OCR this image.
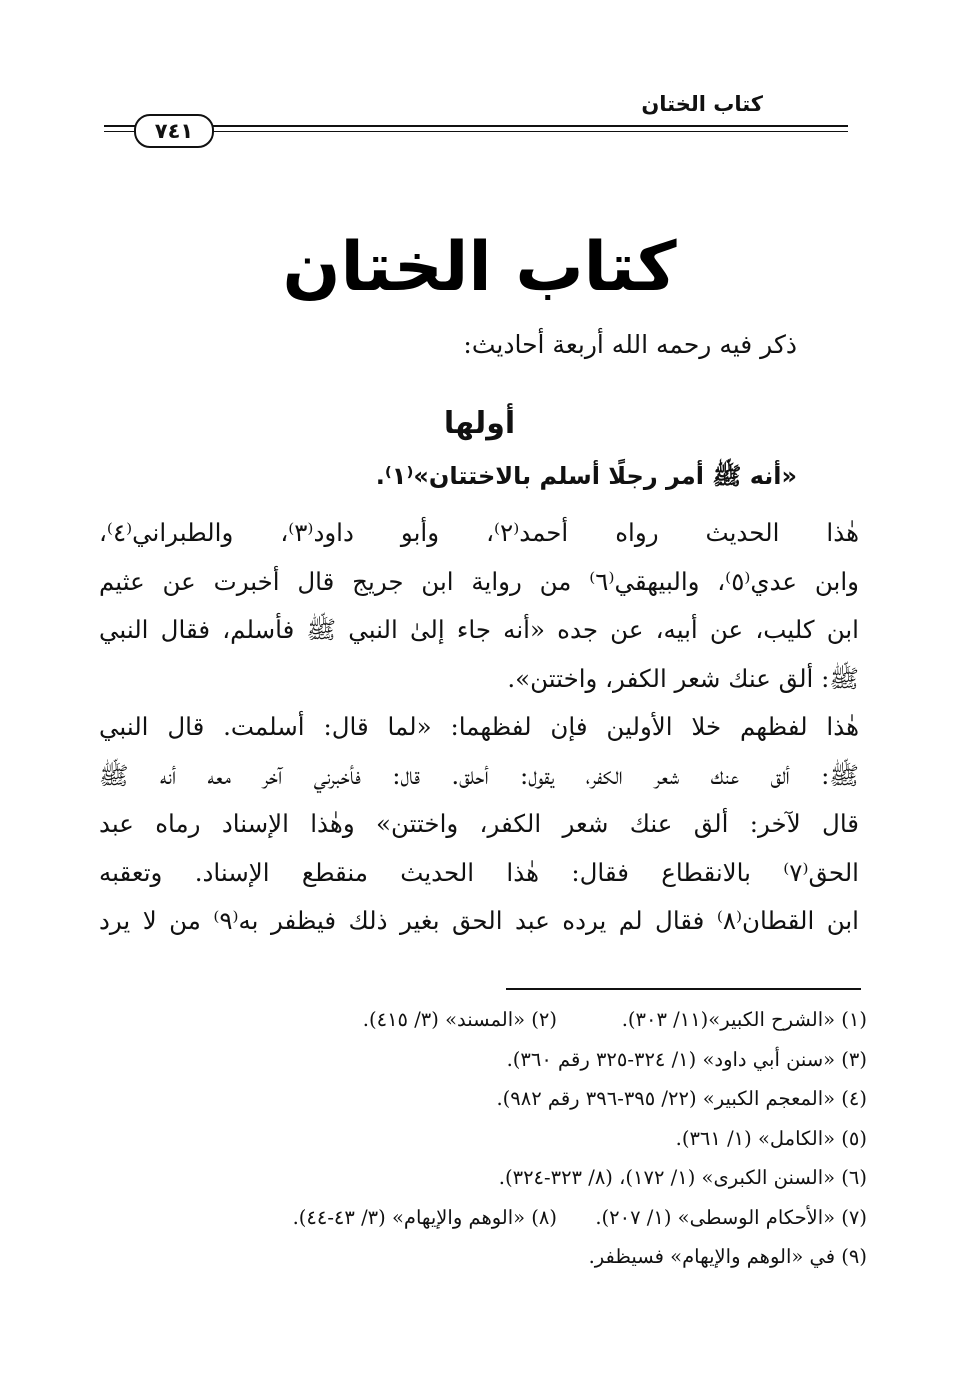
كتاب الختان
٧٤١
كتاب الختان
ذكر فيه رحمه الله أربعة أحاديث:
أولها
«أنه ﷺ أمر رجلًا أسلم بالاختتان»⁽١⁾.
هٰذا الحديث رواه أحمد⁽٢⁾، وأبو داود⁽٣⁾، والطبراني⁽٤⁾،
وابن عدي⁽٥⁾، والبيهقي⁽٦⁾ من رواية ابن جريج قال أخبرت عن عثيم
ابن كليب، عن أبيه، عن جده «أنه جاء إلىٰ النبي ﷺ فأسلم، فقال النبي
ﷺ: ألق عنك شعر الكفر، واختتن».
هٰذا لفظهم خلا الأولين فإن لفظهما: «لما قال: أسلمت. قال النبي
ﷺ: ألق عنك شعر الكفر، يقول: أحلق. قال: فأخبرني آخر معه أنه ﷺ
قال لآخر: ألق عنك شعر الكفر، واختتن» وهٰذا الإسناد رماه عبد
الحق⁽٧⁾ بالانقطاع فقال: هٰذا الحديث منقطع الإسناد. وتعقبه
ابن القطان⁽٨⁾ فقال لم يرده عبد الحق بغير ذلك فيظفر به⁽٩⁾ من لا يرد
(١) «الشرح الكبير»(١١/ ٣٠٣).
(٢) «المسند» (٣/ ٤١٥).
(٣) «سنن أبي داود» (١/ ٣٢٤-٣٢٥ رقم ٣٦٠).
(٤) «المعجم الكبير» (٢٢/ ٣٩٥-٣٩٦ رقم ٩٨٢).
(٥) «الكامل» (١/ ٣٦١).
(٦) «السنن الكبرى» (١/ ١٧٢)، (٨/ ٣٢٣-٣٢٤).
(٧) «الأحكام الوسطى» (١/ ٢٠٧).
(٨) «الوهم والإيهام» (٣/ ٤٣-٤٤).
(٩) في «الوهم والإيهام» فسيظفر.
